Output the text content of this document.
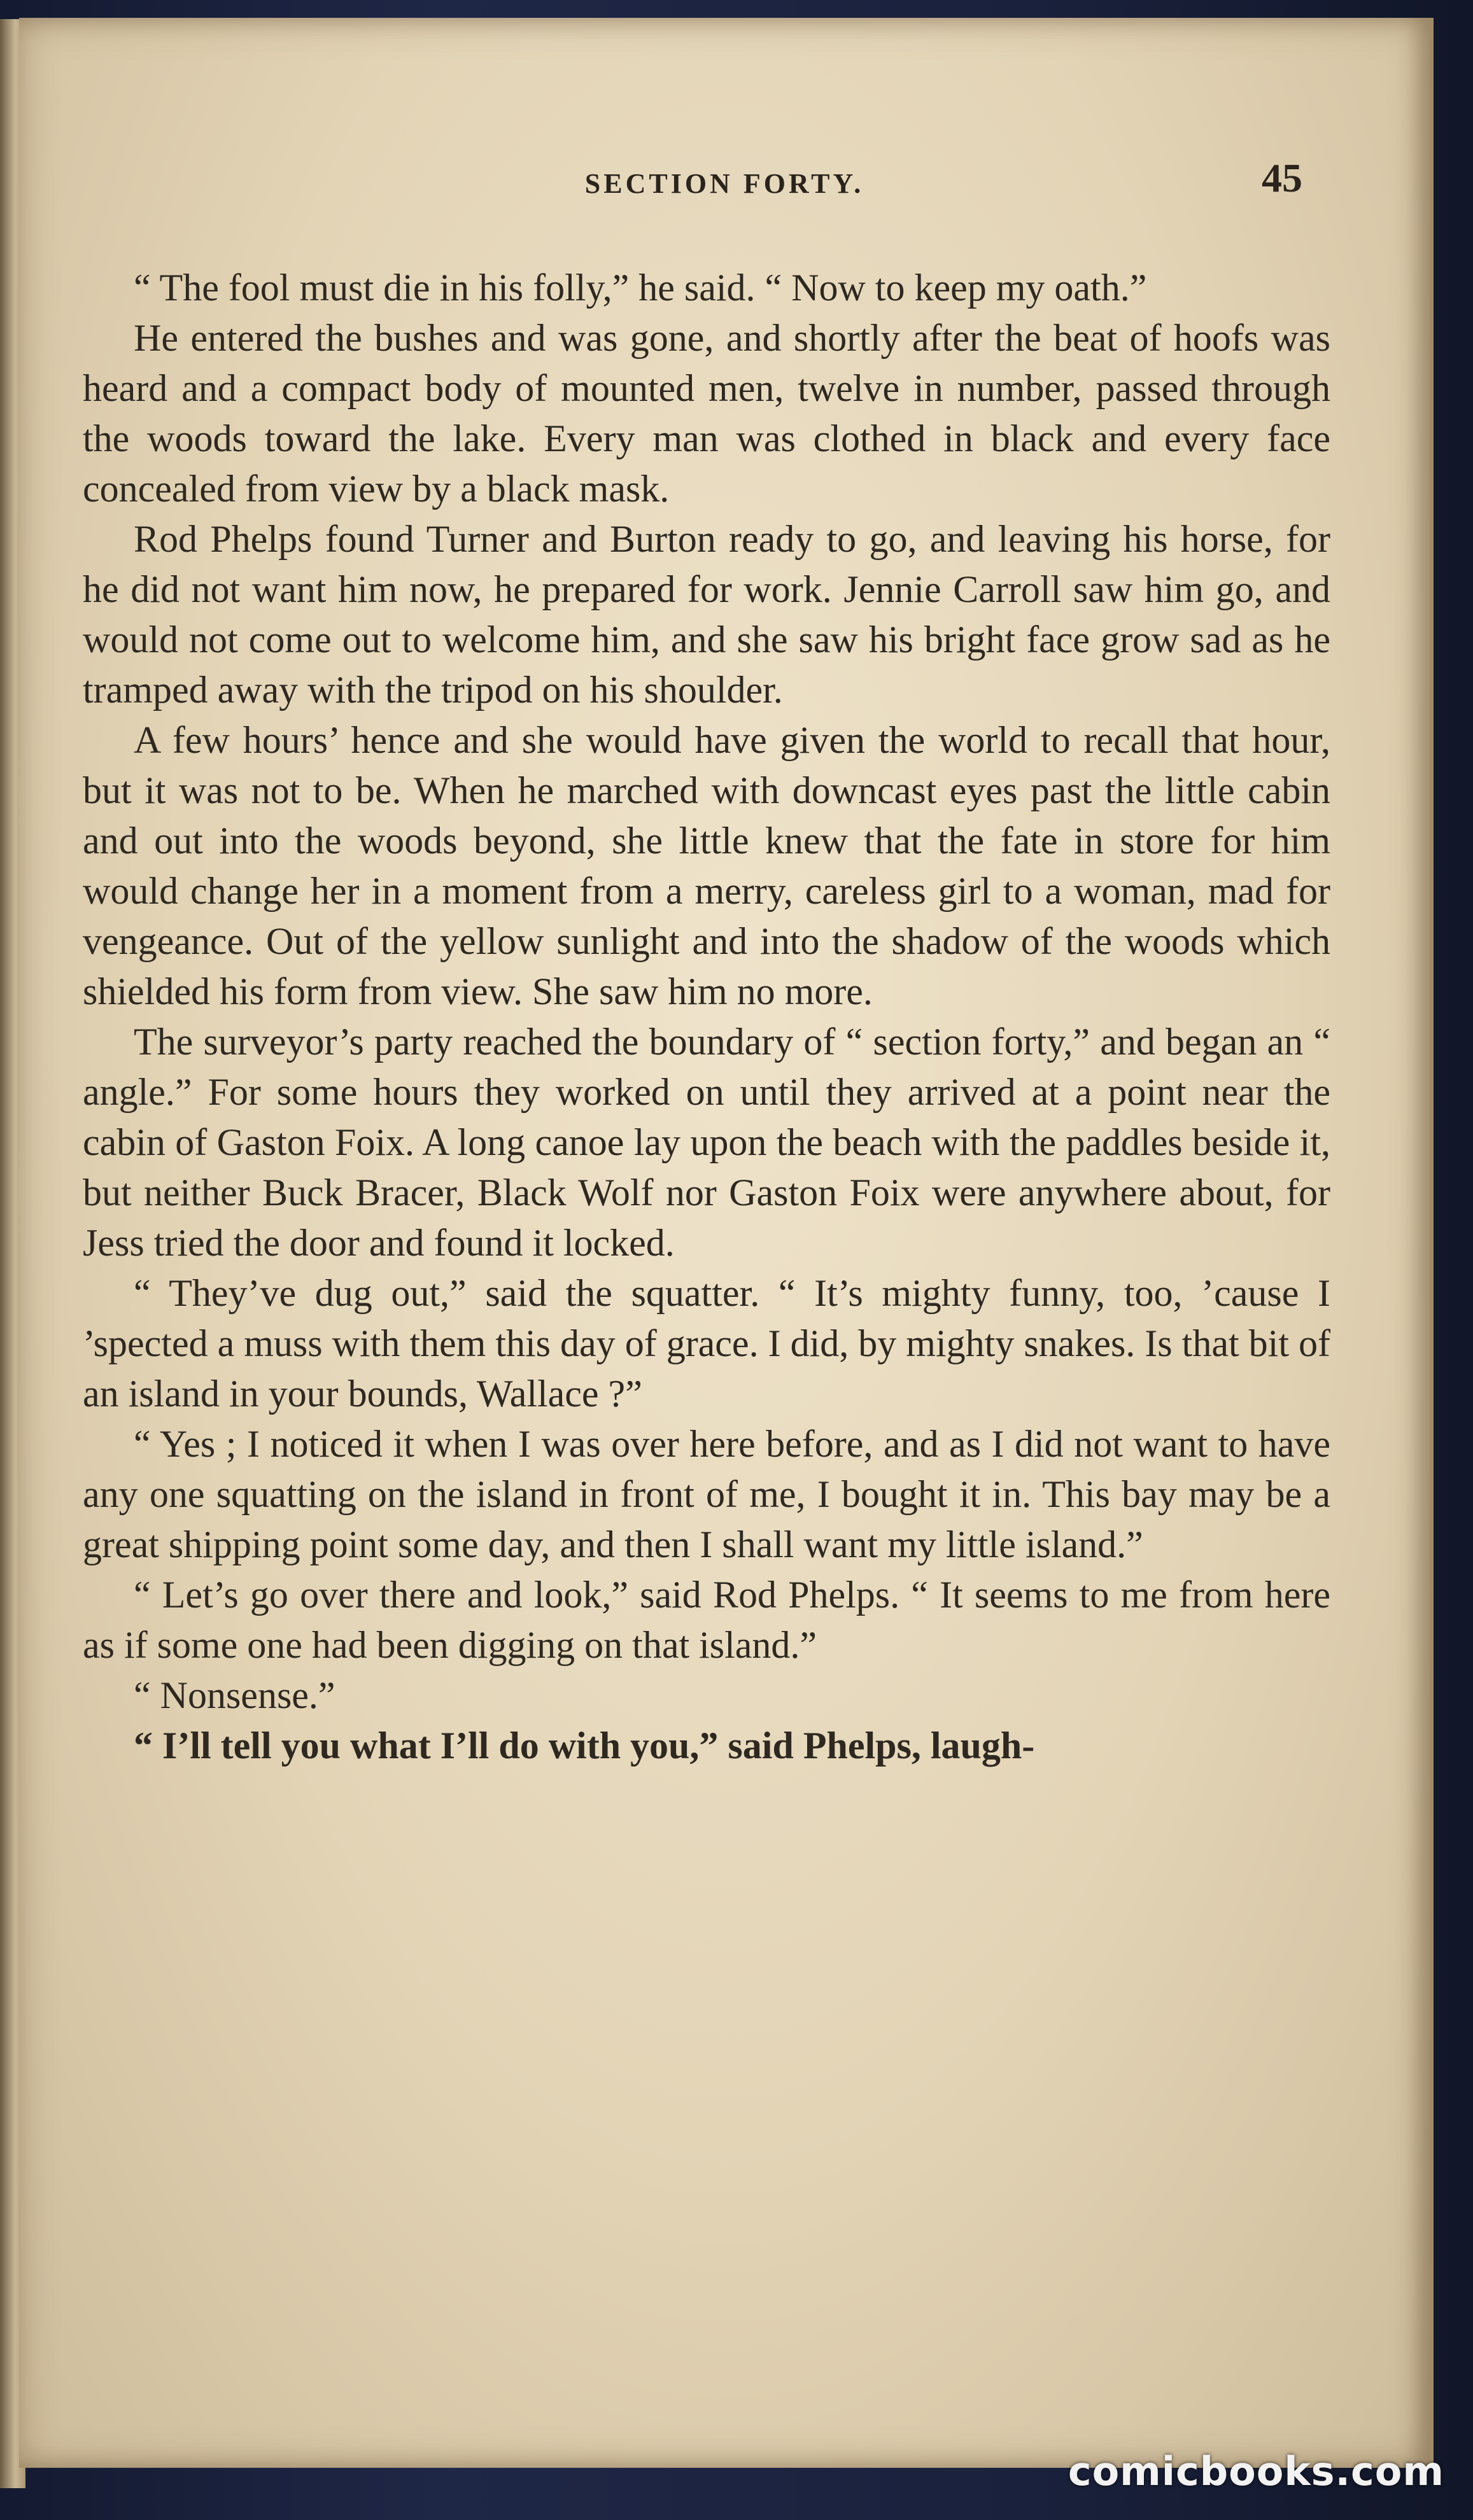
SECTION FORTY.	45

“ The fool must die in his folly,” he said. “ Now to keep my oath.”

He entered the bushes and was gone, and shortly after the beat of hoofs was heard and a compact body of mounted men, twelve in number, passed through the woods toward the lake. Every man was clothed in black and every face concealed from view by a black mask.

Rod Phelps found Turner and Burton ready to go, and leaving his horse, for he did not want him now, he prepared for work. Jennie Carroll saw him go, and would not come out to welcome him, and she saw his bright face grow sad as he tramped away with the tripod on his shoulder.

A few hours’ hence and she would have given the world to recall that hour, but it was not to be. When he marched with downcast eyes past the little cabin and out into the woods beyond, she little knew that the fate in store for him would change her in a moment from a merry, careless girl to a woman, mad for vengeance. Out of the yellow sunlight and into the shadow of the woods which shielded his form from view. She saw him no more.

The surveyor’s party reached the boundary of “ section forty,” and began an “ angle.” For some hours they worked on until they arrived at a point near the cabin of Gaston Foix. A long canoe lay upon the beach with the paddles beside it, but neither Buck Bracer, Black Wolf nor Gaston Foix were anywhere about, for Jess tried the door and found it locked.

“ They’ve dug out,” said the squatter. “ It’s mighty funny, too, ’cause I ’spected a muss with them this day of grace. I did, by mighty snakes. Is that bit of an island in your bounds, Wallace ?”

“ Yes ; I noticed it when I was over here before, and as I did not want to have any one squatting on the island in front of me, I bought it in. This bay may be a great shipping point some day, and then I shall want my little island.”

“ Let’s go over there and look,” said Rod Phelps. “ It seems to me from here as if some one had been digging on that island.”

“ Nonsense.”

“ I’ll tell you what I’ll do with you,” said Phelps, laugh-

comicbooks.com
